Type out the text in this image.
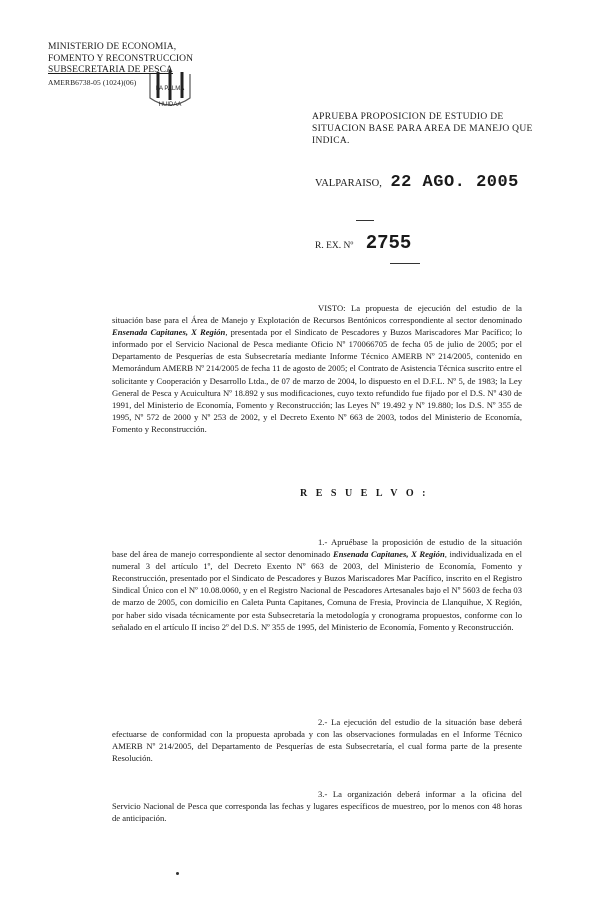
MINISTERIO DE ECONOMIA,
FOMENTO Y RECONSTRUCCION
SUBSECRETARIA DE PESCA
AMERB6738-05 (1024)(06)
LA PALMA
HUIDAA
APRUEBA PROPOSICION DE ESTUDIO DE SITUACION BASE PARA AREA DE MANEJO QUE INDICA.
VALPARAISO, 22 AGO. 2005
R. EX. Nº 2755

VISTO: La propuesta de ejecución del estudio de la situación base para el Área de Manejo y Explotación de Recursos Bentónicos correspondiente al sector denominado Ensenada Capitanes, X Región, presentada por el Sindicato de Pescadores y Buzos Mariscadores Mar Pacífico; lo informado por el Servicio Nacional de Pesca mediante Oficio Nº 170066705 de fecha 05 de julio de 2005; por el Departamento de Pesquerías de esta Subsecretaría mediante Informe Técnico AMERB Nº 214/2005, contenido en Memorándum AMERB Nº 214/2005 de fecha 11 de agosto de 2005; el Contrato de Asistencia Técnica suscrito entre el solicitante y Cooperación y Desarrollo Ltda., de 07 de marzo de 2004, lo dispuesto en el D.F.L. Nº 5, de 1983; la Ley General de Pesca y Acuicultura Nº 18.892 y sus modificaciones, cuyo texto refundido fue fijado por el D.S. Nº 430 de 1991, del Ministerio de Economía, Fomento y Reconstrucción; las Leyes Nº 19.492 y Nº 19.880; los D.S. Nº 355 de 1995, Nº 572 de 2000 y Nº 253 de 2002, y el Decreto Exento Nº 663 de 2003, todos del Ministerio de Economía, Fomento y Reconstrucción.

R E S U E L V O :

1.- Apruébase la proposición de estudio de la situación base del área de manejo correspondiente al sector denominado Ensenada Capitanes, X Región, individualizada en el numeral 3 del artículo 1º, del Decreto Exento Nº 663 de 2003, del Ministerio de Economía, Fomento y Reconstrucción, presentado por el Sindicato de Pescadores y Buzos Mariscadores Mar Pacífico, inscrito en el Registro Sindical Único con el Nº 10.08.0060, y en el Registro Nacional de Pescadores Artesanales bajo el Nº 5603 de fecha 03 de marzo de 2005, con domicilio en Caleta Punta Capitanes, Comuna de Fresia, Provincia de Llanquihue, X Región, por haber sido visada técnicamente por esta Subsecretaría la metodología y cronograma propuestos, conforme con lo señalado en el artículo II inciso 2º del D.S. Nº 355 de 1995, del Ministerio de Economía, Fomento y Reconstrucción.

2.- La ejecución del estudio de la situación base deberá efectuarse de conformidad con la propuesta aprobada y con las observaciones formuladas en el Informe Técnico AMERB Nº 214/2005, del Departamento de Pesquerías de esta Subsecretaría, el cual forma parte de la presente Resolución.

3.- La organización deberá informar a la oficina del Servicio Nacional de Pesca que corresponda las fechas y lugares específicos de muestreo, por lo menos con 48 horas de anticipación.
